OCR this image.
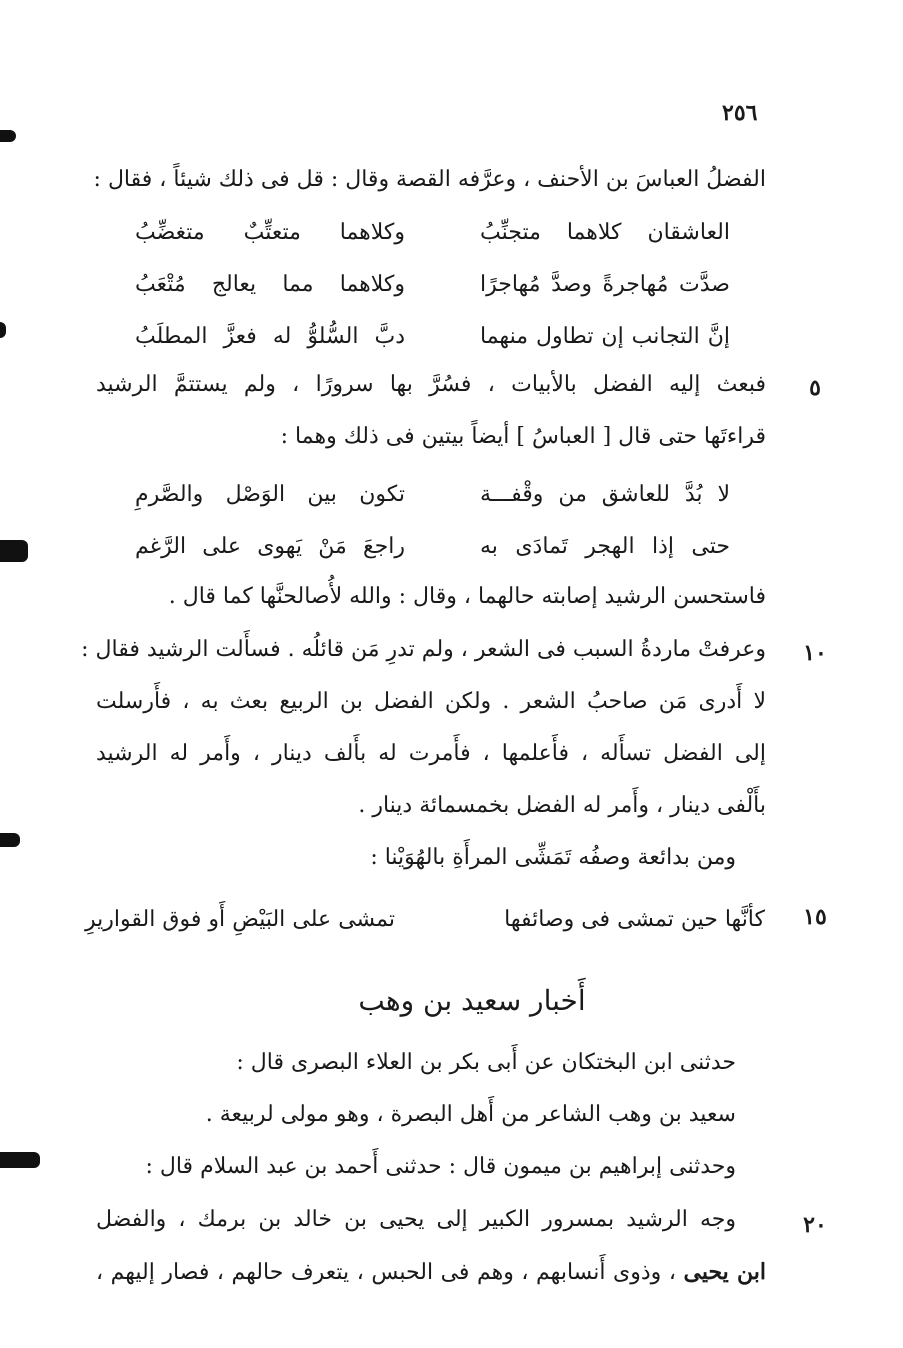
٢٥٦
الفضلُ العباسَ بن الأحنف ، وعرَّفه القصة وقال : قل فى ذلك شيئاً ، فقال :
٥
فبعث إليه الفضل بالأبيات ، فسُرَّ بها سرورًا ، ولم يستتمَّ الرشيد
قراءتَها حتى قال [ العباسُ ] أيضاً بيتين فى ذلك وهما :
فاستحسن الرشيد إصابته حالهما ، وقال : والله لأُصالحنَّها كما قال .
١٠
وعرفتْ ماردةُ السبب فى الشعر ، ولم تدرِ مَن قائلُه . فسأَلت الرشيد فقال :
لا أَدرى مَن صاحبُ الشعر . ولكن الفضل بن الربيع بعث به ، فأَرسلت
إلى الفضل تسأَله ، فأَعلمها ، فأَمرت له بأَلف دينار ، وأَمر له الرشيد
بأَلْفى دينار ، وأَمر له الفضل بخمسمائة دينار .
ومن بدائعة وصفُه تَمَشِّى المرأَةِ بالهُوَيْنا :
١٥
أَخبار سعيد بن وهب
حدثنى ابن البختكان عن أَبى بكر بن العلاء البصرى قال :
سعيد بن وهب الشاعر من أَهل البصرة ، وهو مولى لربيعة .
وحدثنى إبراهيم بن ميمون قال : حدثنى أَحمد بن عبد السلام قال :
٢٠
وجه الرشيد بمسرور الكبير إلى يحيى بن خالد بن برمك ، والفضل
ابن يحيى ، وذوى أَنسابهم ، وهم فى الحبس ، يتعرف حالهم ، فصار إليهم ،
العاشقان كلاهما متجنِّبُ
وكلاهما متعتِّبٌ متغضِّبُ
صدَّت مُهاجرةً وصدَّ مُهاجرًا
وكلاهما مما يعالج مُتْعَبُ
إنَّ التجانب إن تطاول منهما
دبَّ السُّلوُّ له فعزَّ المطلَبُ
لا بُدَّ للعاشق من وقْفـــة
تكون بين الوَصْل والصَّرمِ
حتى إذا الهجر تَمادَى به
راجعَ مَنْ يَهوى على الرَّغم
كأنَّها حين تمشى فى وصائفها
تمشى على البَيْضِ أَو فوق القواريرِ
